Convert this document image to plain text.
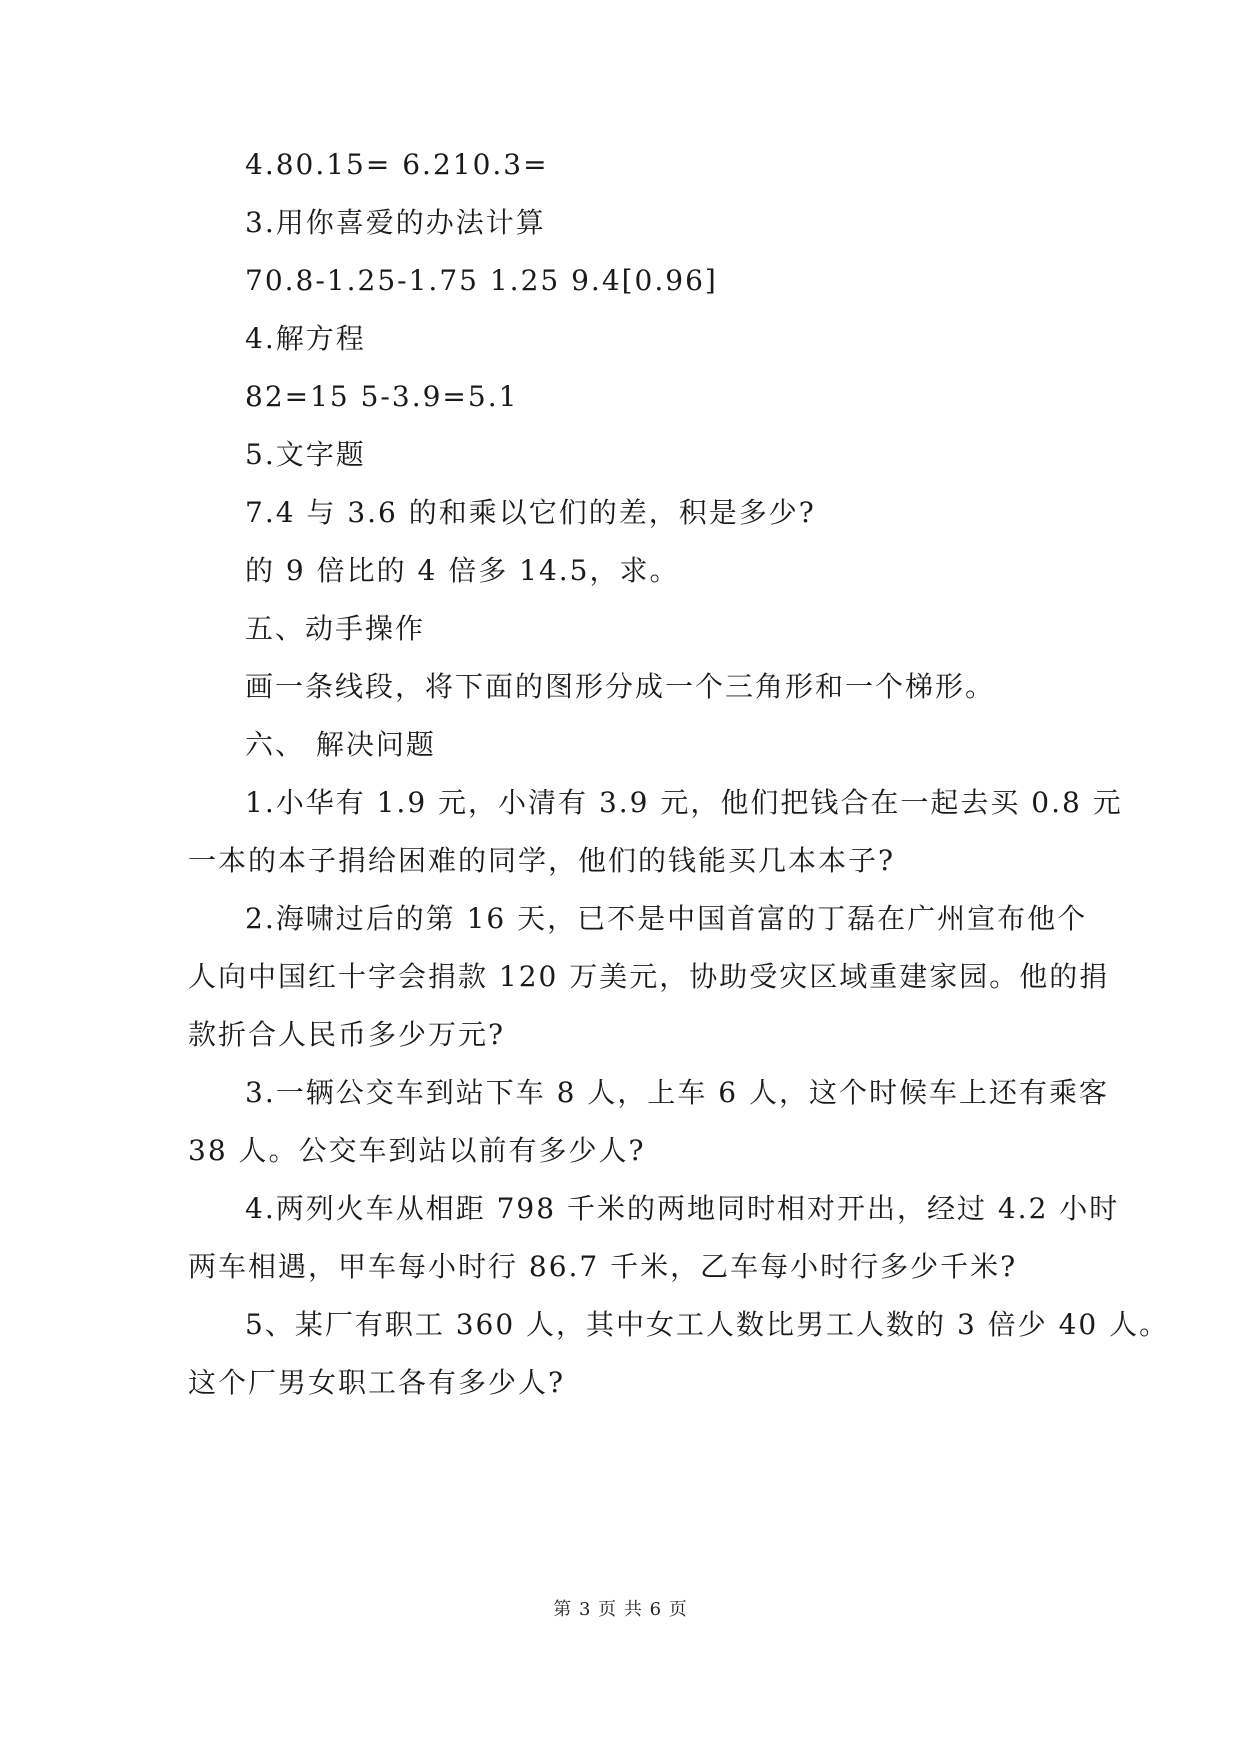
4.80.15= 6.210.3=
3.用你喜爱的办法计算
70.8-1.25-1.75 1.25 9.4[0.96]
4.解方程
82=15 5-3.9=5.1
5.文字题
7.4 与 3.6 的和乘以它们的差，积是多少?
的 9 倍比的 4 倍多 14.5，求。
五、动手操作
画一条线段，将下面的图形分成一个三角形和一个梯形。
六、 解决问题
1.小华有 1.9 元，小清有 3.9 元，他们把钱合在一起去买 0.8 元
一本的本子捐给困难的同学，他们的钱能买几本本子?
2.海啸过后的第 16 天，已不是中国首富的丁磊在广州宣布他个
人向中国红十字会捐款 120 万美元，协助受灾区域重建家园。他的捐
款折合人民币多少万元?
3.一辆公交车到站下车 8 人，上车 6 人，这个时候车上还有乘客
38 人。公交车到站以前有多少人?
4.两列火车从相距 798 千米的两地同时相对开出，经过 4.2 小时
两车相遇，甲车每小时行 86.7 千米，乙车每小时行多少千米?
5、某厂有职工 360 人，其中女工人数比男工人数的 3 倍少 40 人。
这个厂男女职工各有多少人?
第 3 页 共 6 页
